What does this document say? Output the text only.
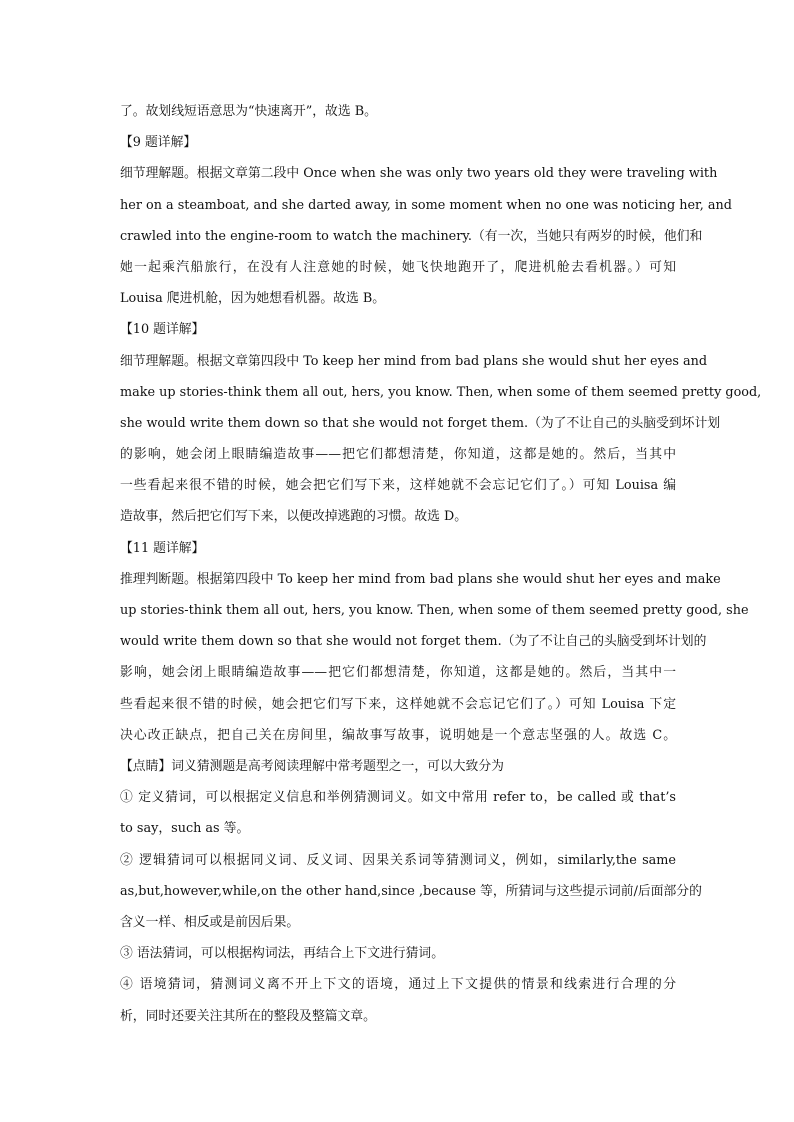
了。故划线短语意思为“快速离开”，故选 B。
【9 题详解】
细节理解题。根据文章第二段中 Once when she was only two years old they were traveling with
her on a steamboat, and she darted away, in some moment when no one was noticing her, and
crawled into the engine-room to watch the machinery.（有一次，当她只有两岁的时候，他们和
她一起乘汽船旅行，在没有人注意她的时候，她飞快地跑开了，爬进机舱去看机器。）可知
Louisa 爬进机舱，因为她想看机器。故选 B。
【10 题详解】
细节理解题。根据文章第四段中 To keep her mind from bad plans she would shut her eyes and
make up stories-think them all out, hers, you know. Then, when some of them seemed pretty good,
she would write them down so that she would not forget them.（为了不让自己的头脑受到坏计划
的影响，她会闭上眼睛编造故事——把它们都想清楚，你知道，这都是她的。然后，当其中
一些看起来很不错的时候，她会把它们写下来，这样她就不会忘记它们了。）可知 Louisa 编
造故事，然后把它们写下来，以便改掉逃跑的习惯。故选 D。
【11 题详解】
推理判断题。根据第四段中 To keep her mind from bad plans she would shut her eyes and make
up stories-think them all out, hers, you know. Then, when some of them seemed pretty good, she
would write them down so that she would not forget them.（为了不让自己的头脑受到坏计划的
影响，她会闭上眼睛编造故事——把它们都想清楚，你知道，这都是她的。然后，当其中一
些看起来很不错的时候，她会把它们写下来，这样她就不会忘记它们了。）可知 Louisa 下定
决心改正缺点，把自己关在房间里，编故事写故事，说明她是一个意志坚强的人。故选 C。
【点睛】词义猜测题是高考阅读理解中常考题型之一，可以大致分为
① 定义猜词，可以根据定义信息和举例猜测词义。如文中常用 refer to，be called 或 that’s
to say，such as 等。
② 逻辑猜词可以根据同义词、反义词、因果关系词等猜测词义，例如，similarly,the same
as,but,however,while,on the other hand,since ,because 等，所猜词与这些提示词前/后面部分的
含义一样、相反或是前因后果。
③ 语法猜词，可以根据构词法，再结合上下文进行猜词。
④ 语境猜词，猜测词义离不开上下文的语境，通过上下文提供的情景和线索进行合理的分
析，同时还要关注其所在的整段及整篇文章。
